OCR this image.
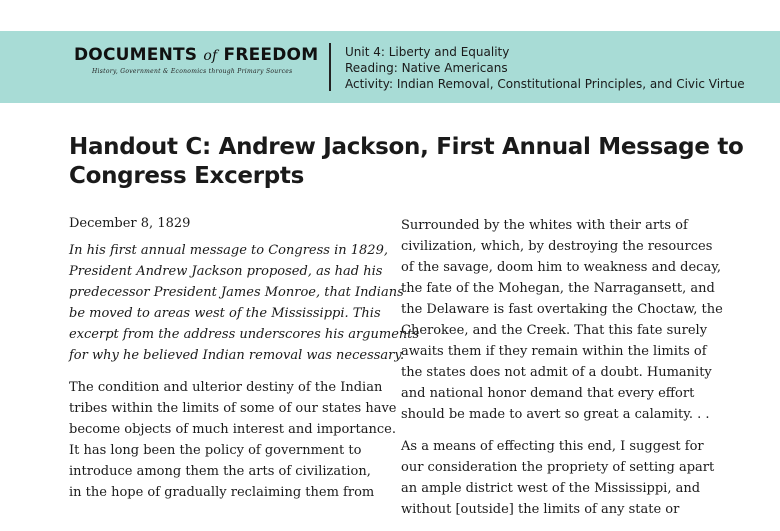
DOCUMENTS of FREEDOM
History, Government & Economics through Primary Sources
Unit 4: Liberty and Equality
Reading: Native Americans
Activity: Indian Removal, Constitutional Principles, and Civic Virtue
Handout C: Andrew Jackson, First Annual Message to
Congress Excerpts

December 8, 1829

In his first annual message to Congress in 1829,
President Andrew Jackson proposed, as had his
predecessor President James Monroe, that Indians
be moved to areas west of the Mississippi. This
excerpt from the address underscores his arguments
for why he believed Indian removal was necessary.

The condition and ulterior destiny of the Indian
tribes within the limits of some of our states have
become objects of much interest and importance.
It has long been the policy of government to
introduce among them the arts of civilization,
in the hope of gradually reclaiming them from

Surrounded by the whites with their arts of
civilization, which, by destroying the resources
of the savage, doom him to weakness and decay,
the fate of the Mohegan, the Narragansett, and
the Delaware is fast overtaking the Choctaw, the
Cherokee, and the Creek. That this fate surely
awaits them if they remain within the limits of
the states does not admit of a doubt. Humanity
and national honor demand that every effort
should be made to avert so great a calamity. . .

As a means of effecting this end, I suggest for
our consideration the propriety of setting apart
an ample district west of the Mississippi, and
without [outside] the limits of any state or
